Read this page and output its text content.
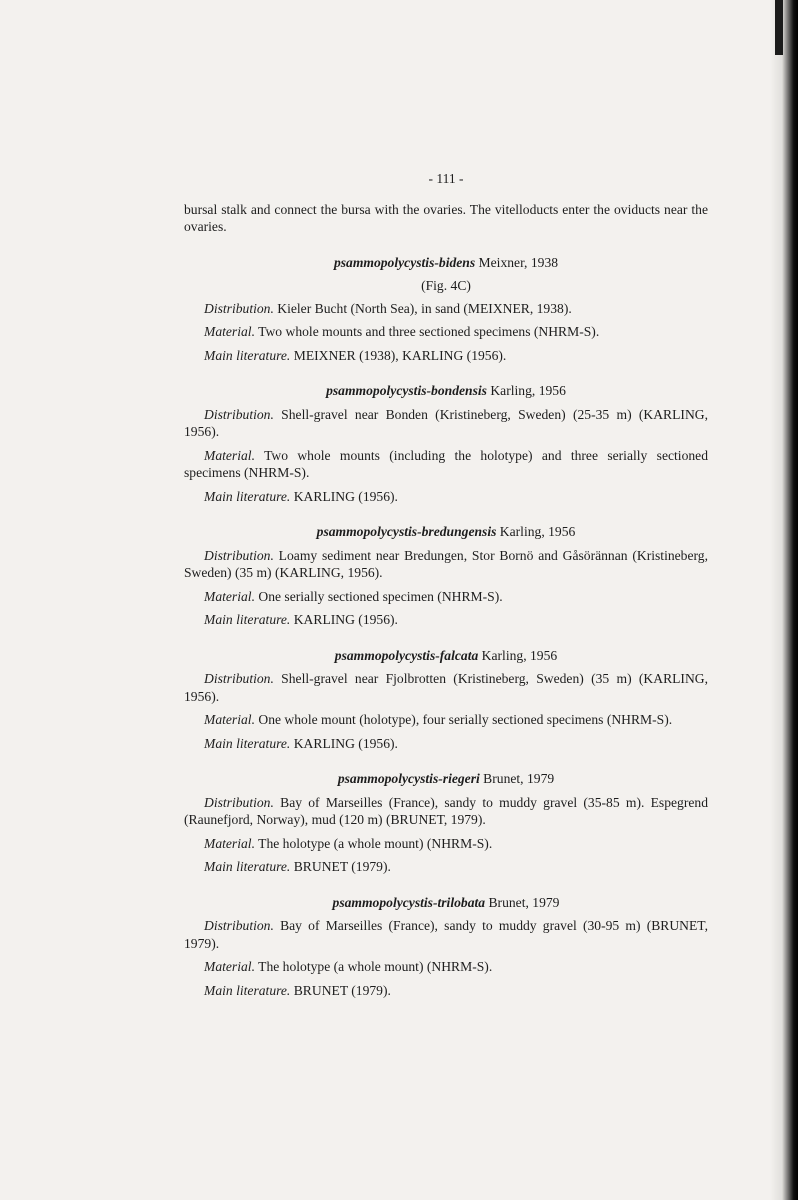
- 111 -

bursal stalk and connect the bursa with the ovaries. The vitelloducts enter the oviducts near the ovaries.

psammopolycystis-bidens Meixner, 1938
(Fig. 4C)

Distribution. Kieler Bucht (North Sea), in sand (MEIXNER, 1938).

Material. Two whole mounts and three sectioned specimens (NHRM-S).

Main literature. MEIXNER (1938), KARLING (1956).

psammopolycystis-bondensis Karling, 1956

Distribution. Shell-gravel near Bonden (Kristineberg, Sweden) (25-35 m) (KARLING, 1956).

Material. Two whole mounts (including the holotype) and three serially sectioned specimens (NHRM-S).

Main literature. KARLING (1956).

psammopolycystis-bredungensis Karling, 1956

Distribution. Loamy sediment near Bredungen, Stor Bornö and Gåsörännan (Kristineberg, Sweden) (35 m) (KARLING, 1956).

Material. One serially sectioned specimen (NHRM-S).

Main literature. KARLING (1956).

psammopolycystis-falcata Karling, 1956

Distribution. Shell-gravel near Fjolbrotten (Kristineberg, Sweden) (35 m) (KARLING, 1956).

Material. One whole mount (holotype), four serially sectioned specimens (NHRM-S).

Main literature. KARLING (1956).

psammopolycystis-riegeri Brunet, 1979

Distribution. Bay of Marseilles (France), sandy to muddy gravel (35-85 m). Espegrend (Raunefjord, Norway), mud (120 m) (BRUNET, 1979).

Material. The holotype (a whole mount) (NHRM-S).

Main literature. BRUNET (1979).

psammopolycystis-trilobata Brunet, 1979

Distribution. Bay of Marseilles (France), sandy to muddy gravel (30-95 m) (BRUNET, 1979).

Material. The holotype (a whole mount) (NHRM-S).

Main literature. BRUNET (1979).
